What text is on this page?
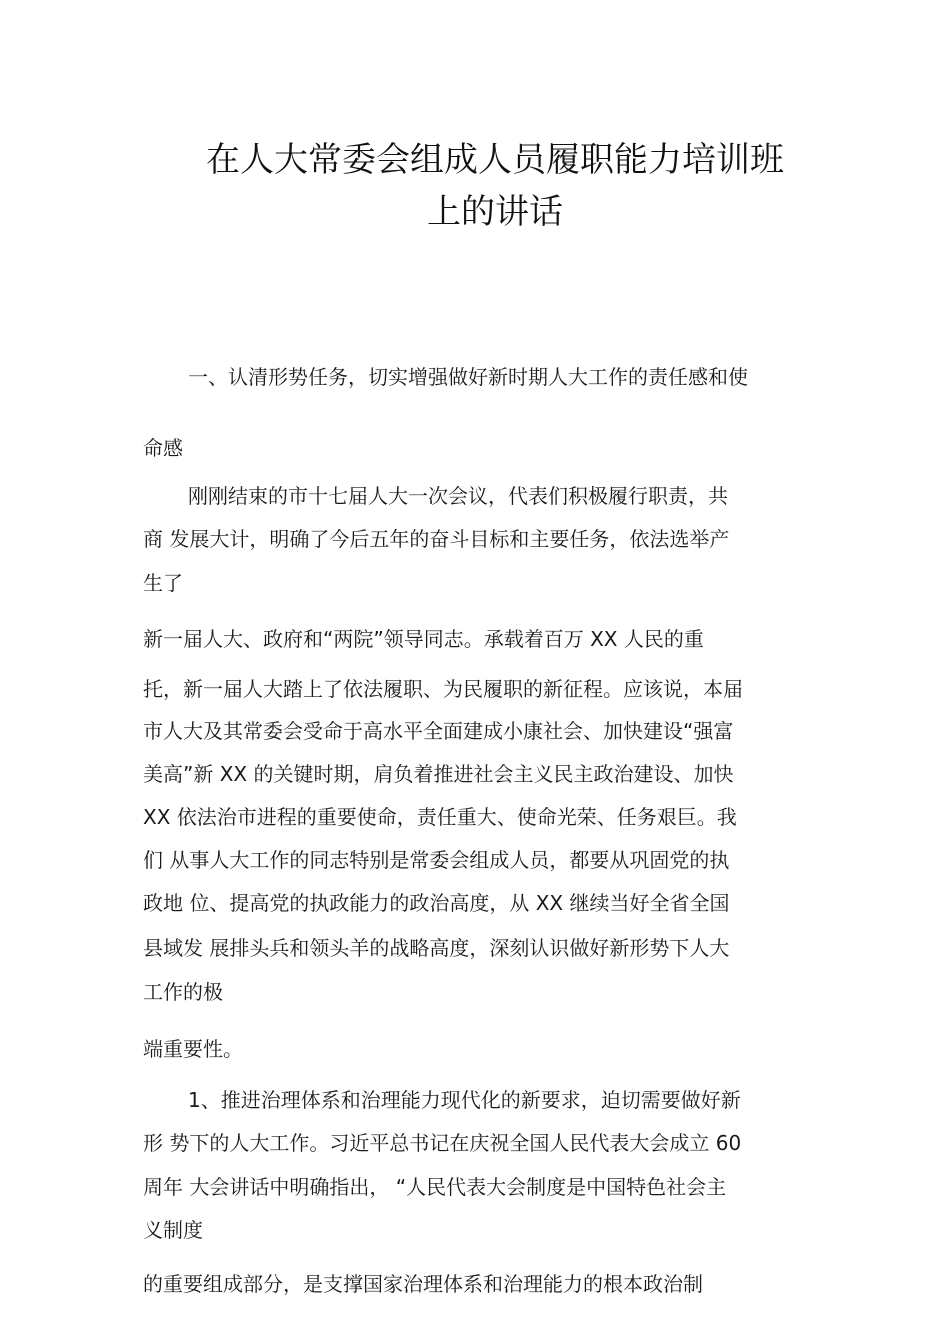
在人大常委会组成人员履职能力培训班
上的讲话
一、认清形势任务，切实增强做好新时期人大工作的责任感和使
命感
刚刚结束的市十七届人大一次会议，代表们积极履行职责，共
商 发展大计，明确了今后五年的奋斗目标和主要任务，依法选举产
生了
新一届人大、政府和“两院”领导同志。承载着百万 XX 人民的重
托，新一届人大踏上了依法履职、为民履职的新征程。应该说，本届
市人大及其常委会受命于高水平全面建成小康社会、加快建设“强富
美高”新 XX 的关键时期，肩负着推进社会主义民主政治建设、加快
XX 依法治市进程的重要使命，责任重大、使命光荣、任务艰巨。我
们 从事人大工作的同志特别是常委会组成人员，都要从巩固党的执
政地 位、提高党的执政能力的政治高度，从 XX 继续当好全省全国
县域发 展排头兵和领头羊的战略高度，深刻认识做好新形势下人大
工作的极
端重要性。
1、推进治理体系和治理能力现代化的新要求，迫切需要做好新
形 势下的人大工作。习近平总书记在庆祝全国人民代表大会成立 60
周年 大会讲话中明确指出， “人民代表大会制度是中国特色社会主
义制度
的重要组成部分，是支撑国家治理体系和治理能力的根本政治制
